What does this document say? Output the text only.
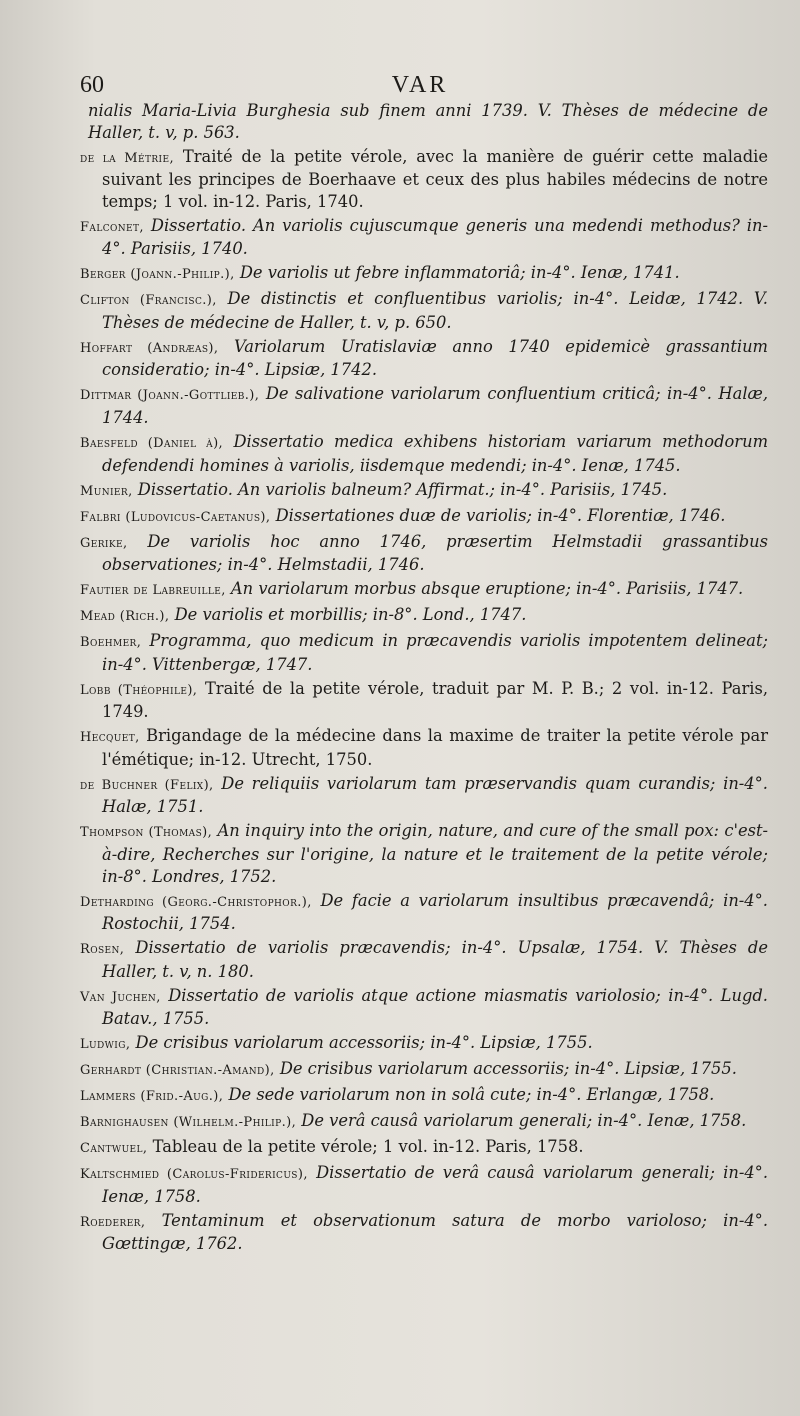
60	VAR

nialis Maria-Livia Burghesia sub finem anni 1739. V. Thèses de médecine de Haller, t. v, p. 563.

de la Métrie, Traité de la petite vérole, avec la manière de guérir cette maladie suivant les principes de Boerhaave et ceux des plus habiles médecins de notre temps; 1 vol. in-12. Paris, 1740.

Falconet, Dissertatio. An variolis cujuscumque generis una medendi methodus? in-4°. Parisiis, 1740.

Berger (Joann.-Philip.), De variolis ut febre inflammatoriâ; in-4°. Ienæ, 1741.

Clifton (Francisc.), De distinctis et confluentibus variolis; in-4°. Leidæ, 1742. V. Thèses de médecine de Haller, t. v, p. 650.

Hoffart (Andræas), Variolarum Uratislaviæ anno 1740 epidemicè grassantium consideratio; in-4°. Lipsiæ, 1742.

Dittmar (Joann.-Gottlieb.), De salivatione variolarum confluentium criticâ; in-4°. Halæ, 1744.

Baesfeld (Daniel à), Dissertatio medica exhibens historiam variarum methodorum defendendi homines à variolis, iisdemque medendi; in-4°. Ienæ, 1745.

Munier, Dissertatio. An variolis balneum? Affirmat.; in-4°. Parisiis, 1745.

Falbri (Ludovicus-Caetanus), Dissertationes duæ de variolis; in-4°. Florentiæ, 1746.

Gerike, De variolis hoc anno 1746, præsertim Helmstadii grassantibus observationes; in-4°. Helmstadii, 1746.

Fautier de Labreuille, An variolarum morbus absque eruptione; in-4°. Parisiis, 1747.

Mead (Rich.), De variolis et morbillis; in-8°. Lond., 1747.

Boehmer, Programma, quo medicum in præcavendis variolis impotentem delineat; in-4°. Vittenbergæ, 1747.

Lobb (Théophile), Traité de la petite vérole, traduit par M. P. B.; 2 vol. in-12. Paris, 1749.

Hecquet, Brigandage de la médecine dans la maxime de traiter la petite vérole par l'émétique; in-12. Utrecht, 1750.

de Buchner (Felix), De reliquiis variolarum tam præservandis quam curandis; in-4°. Halæ, 1751.

Thompson (Thomas), An inquiry into the origin, nature, and cure of the small pox: c'est-à-dire, Recherches sur l'origine, la nature et le traitement de la petite vérole; in-8°. Londres, 1752.

Detharding (Georg.-Christophor.), De facie a variolarum insultibus præcavendâ; in-4°. Rostochii, 1754.

Rosen, Dissertatio de variolis præcavendis; in-4°. Upsalæ, 1754. V. Thèses de Haller, t. v, n. 180.

Van Juchen, Dissertatio de variolis atque actione miasmatis variolosio; in-4°. Lugd. Batav., 1755.

Ludwig, De crisibus variolarum accessoriis; in-4°. Lipsiæ, 1755.

Gerhardt (Christian.-Amand), De crisibus variolarum accessoriis; in-4°. Lipsiæ, 1755.

Lammers (Frid.-Aug.), De sede variolarum non in solâ cute; in-4°. Erlangæ, 1758.

Barnighausen (Wilhelm.-Philip.), De verâ causâ variolarum generali; in-4°. Ienæ, 1758.

Cantwuel, Tableau de la petite vérole; 1 vol. in-12. Paris, 1758.

Kaltschmied (Carolus-Fridericus), Dissertatio de verâ causâ variolarum generali; in-4°. Ienæ, 1758.

Roederer, Tentaminum et observationum satura de morbo varioloso; in-4°. Gœttingæ, 1762.
